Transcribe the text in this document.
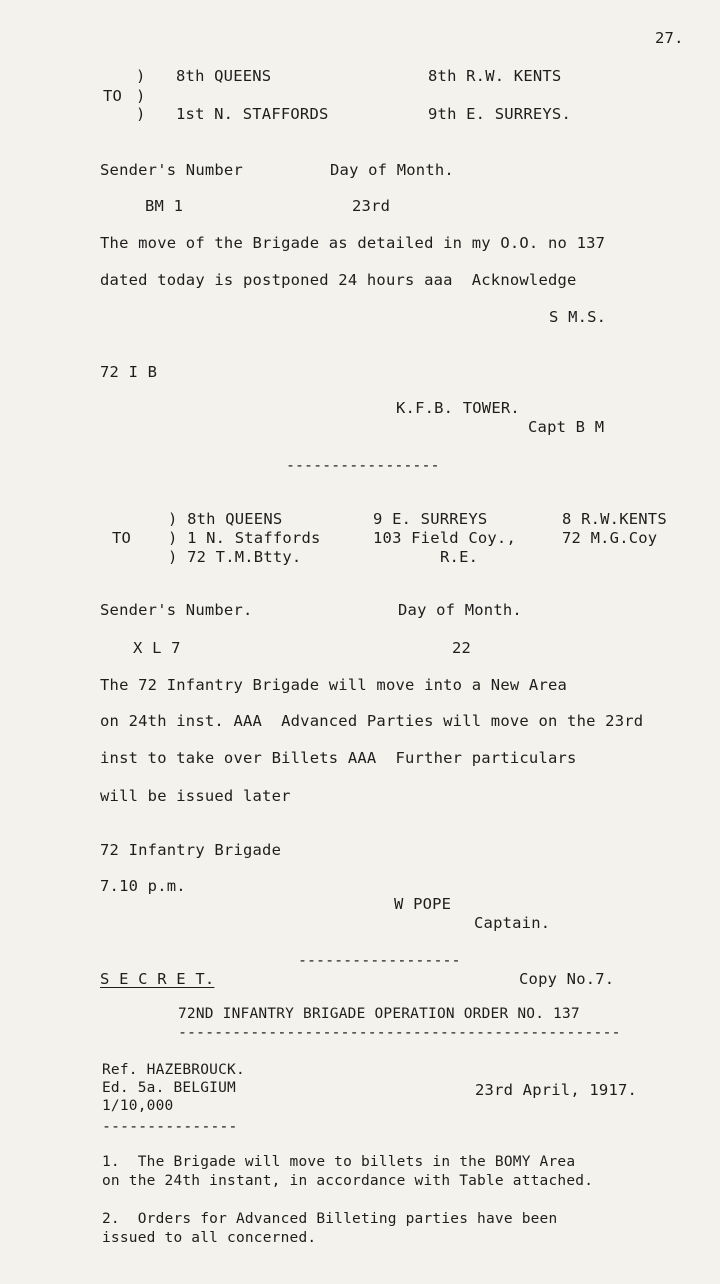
27.
)
TO )
)
8th QUEENS	8th R.W. KENTS
1st N. STAFFORDS	9th E. SURREYS.
Sender's Number	Day of Month.
BM 1	23rd
The move of the Brigade as detailed in my O.O. no 137
dated today is postponed 24 hours aaa  Acknowledge
S M.S.
72 I B
K.F.B. TOWER.
Capt B M
-----------------
TO
) 8th QUEENS	9 E. SURREYS	8 R.W.KENTS
) 1 N. Staffords	103 Field Coy.,	72 M.G.Coy
) 72 T.M.Btty.	R.E.
Sender's Number.	Day of Month.
X L 7	22
The 72 Infantry Brigade will move into a New Area
on 24th inst. AAA  Advanced Parties will move on the 23rd
inst to take over Billets AAA  Further particulars
will be issued later
72 Infantry Brigade
7.10 p.m.
W POPE
Captain.
------------------
S E C R E T.	Copy No.7.
72ND INFANTRY BRIGADE OPERATION ORDER NO. 137
-------------------------------------------------
Ref. HAZEBROUCK.
Ed. 5a. BELGIUM
1/10,000
---------------
23rd April, 1917.
1.  The Brigade will move to billets in the BOMY Area
on the 24th instant, in accordance with Table attached.
2.  Orders for Advanced Billeting parties have been
issued to all concerned.
